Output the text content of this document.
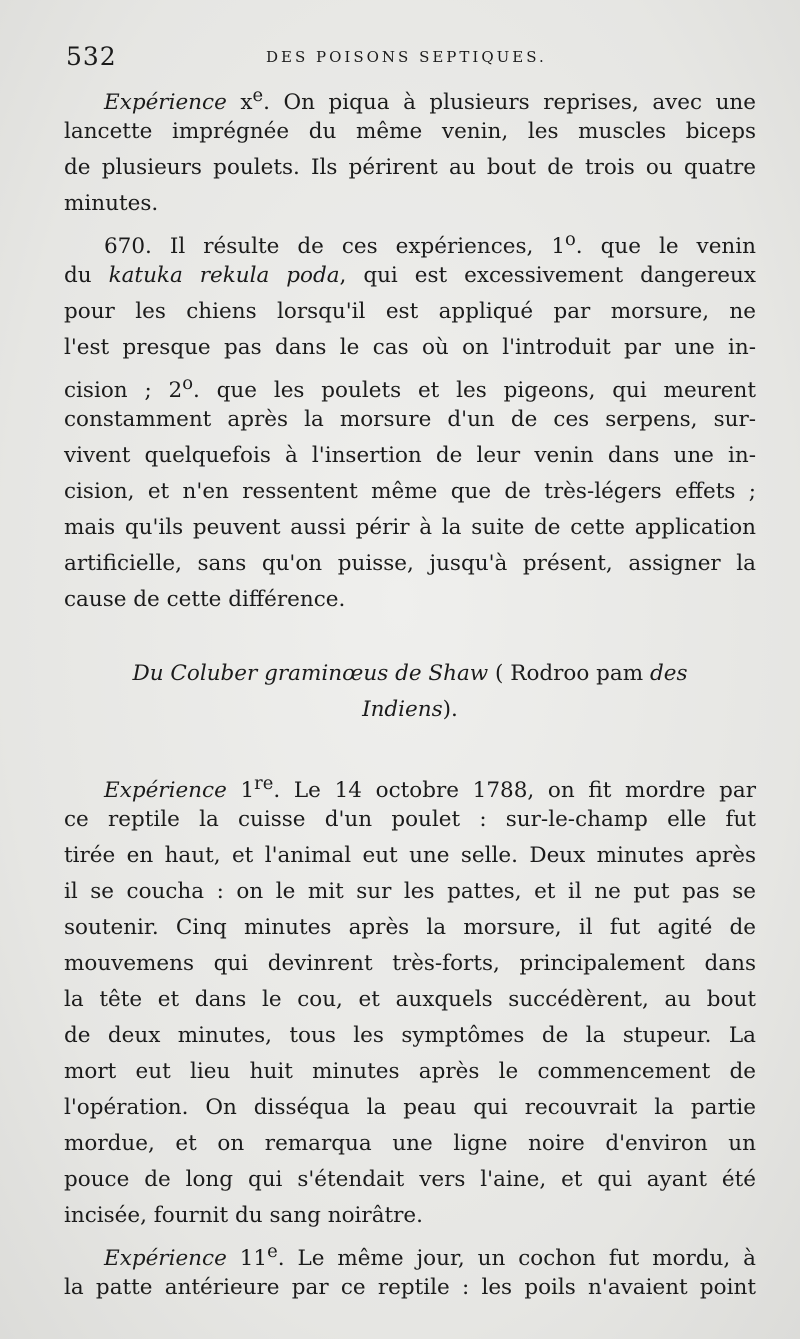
532	DES POISONS SEPTIQUES.
Expérience $x^e$. On piqua à plusieurs reprises, avec une
lancette imprégnée du même venin, les muscles biceps
de plusieurs poulets. Ils périrent au bout de trois ou quatre
minutes.
670. Il résulte de ces expériences, 1$^o$. que le venin
du katuka rekula poda, qui est excessivement dangereux
pour les chiens lorsqu'il est appliqué par morsure, ne
l'est presque pas dans le cas où on l'introduit par une in-
cision ; 2$^o$. que les poulets et les pigeons, qui meurent
constamment après la morsure d'un de ces serpens, sur-
vivent quelquefois à l'insertion de leur venin dans une in-
cision, et n'en ressentent même que de très-légers effets ;
mais qu'ils peuvent aussi périr à la suite de cette application
artificielle, sans qu'on puisse, jusqu'à présent, assigner la
cause de cette différence.
Du Coluber graminœus de Shaw ( Rodroo pam des
Indiens).
Expérience 1re. Le 14 octobre 1788, on fit mordre par
ce reptile la cuisse d'un poulet : sur-le-champ elle fut
tirée en haut, et l'animal eut une selle. Deux minutes après
il se coucha : on le mit sur les pattes, et il ne put pas se
soutenir. Cinq minutes après la morsure, il fut agité de
mouvemens qui devinrent très-forts, principalement dans
la tête et dans le cou, et auxquels succédèrent, au bout
de deux minutes, tous les symptômes de la stupeur. La
mort eut lieu huit minutes après le commencement de
l'opération. On disséqua la peau qui recouvrait la partie
mordue, et on remarqua une ligne noire d'environ un
pouce de long qui s'étendait vers l'aine, et qui ayant été
incisée, fournit du sang noirâtre.
Expérience 11e. Le même jour, un cochon fut mordu, à
la patte antérieure par ce reptile : les poils n'avaient point
